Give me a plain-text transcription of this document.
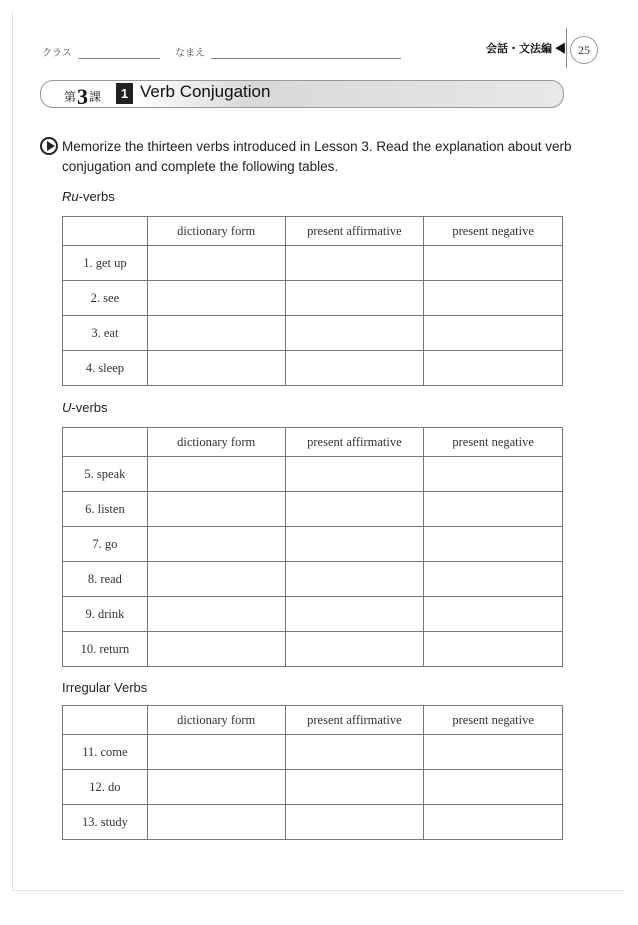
クラス	なまえ	会話・文法編 ◀ 25
第3課	1 Verb Conjugation
Memorize the thirteen verbs introduced in Lesson 3. Read the explanation about verb conjugation and complete the following tables.
Ru-verbs
	dictionary form	present affirmative	present negative
1. get up			
2. see			
3. eat			
4. sleep			
U-verbs
	dictionary form	present affirmative	present negative
5. speak			
6. listen			
7. go			
8. read			
9. drink			
10. return			
Irregular Verbs
	dictionary form	present affirmative	present negative
11. come			
12. do			
13. study			
